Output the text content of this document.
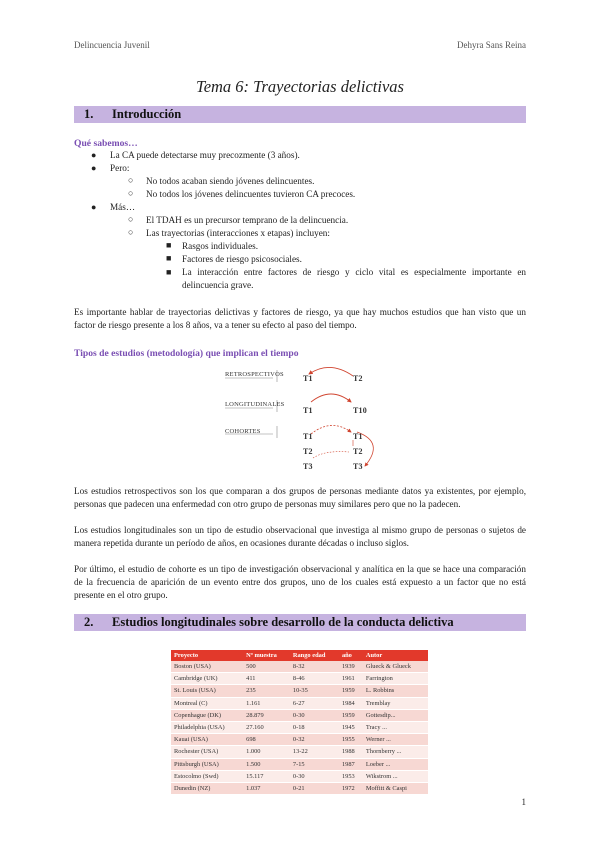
Delincuencia Juvenil	Dehyra Sans Reina
Tema 6: Trayectorias delictivas
1. Introducción
Qué sabemos…
● La CA puede detectarse muy precozmente (3 años).
● Pero:
○ No todos acaban siendo jóvenes delincuentes.
○ No todos los jóvenes delincuentes tuvieron CA precoces.
● Más…
○ El TDAH es un precursor temprano de la delincuencia.
○ Las trayectorias (interacciones x etapas) incluyen:
■ Rasgos individuales.
■ Factores de riesgo psicosociales.
■ La interacción entre factores de riesgo y ciclo vital es especialmente importante en
delincuencia grave.
Es importante hablar de trayectorias delictivas y factores de riesgo, ya que hay muchos estudios que han visto que un factor de riesgo presente a los 8 años, va a tener su efecto al paso del tiempo.
Tipos de estudios (metodología) que implican el tiempo
RETROSPECTIVOS
LONGITUDINALES
COHORTES
T1	T2
T1	T10
T1	T1
T2	T2
T3	T3
Los estudios retrospectivos son los que comparan a dos grupos de personas mediante datos ya existentes, por ejemplo, personas que padecen una enfermedad con otro grupo de personas muy similares pero que no la padecen.
Los estudios longitudinales son un tipo de estudio observacional que investiga al mismo grupo de personas o sujetos de manera repetida durante un período de años, en ocasiones durante décadas o incluso siglos.
Por último, el estudio de cohorte es un tipo de investigación observacional y analítica en la que se hace una comparación de la frecuencia de aparición de un evento entre dos grupos, uno de los cuales está expuesto a un factor que no está presente en el otro grupo.
2. Estudios longitudinales sobre desarrollo de la conducta delictiva
Proyecto	Nº muestra	Rango edad	año	Autor
Boston (USA)	500	8-32	1939	Glueck & Glueck
Cambridge (UK)	411	8-46	1961	Farrington
St. Louis (USA)	235	10-35	1959	L. Robbins
Montreal (C)	1.161	6-27	1984	Tremblay
Copenhague (DK)	28.879	0-30	1959	Gottesdip...
Philadelphia (USA)	27.160	0-18	1945	Tracy ...
Kauai (USA)	698	0-32	1955	Werner ...
Rochester (USA)	1.000	13-22	1988	Thornberry ...
Pittsburgh (USA)	1.500	7-15	1987	Loeber ...
Estocolmo (Swd)	15.117	0-30	1953	Wikstrom ...
Dunedin (NZ)	1.037	0-21	1972	Moffitt & Caspi
1
